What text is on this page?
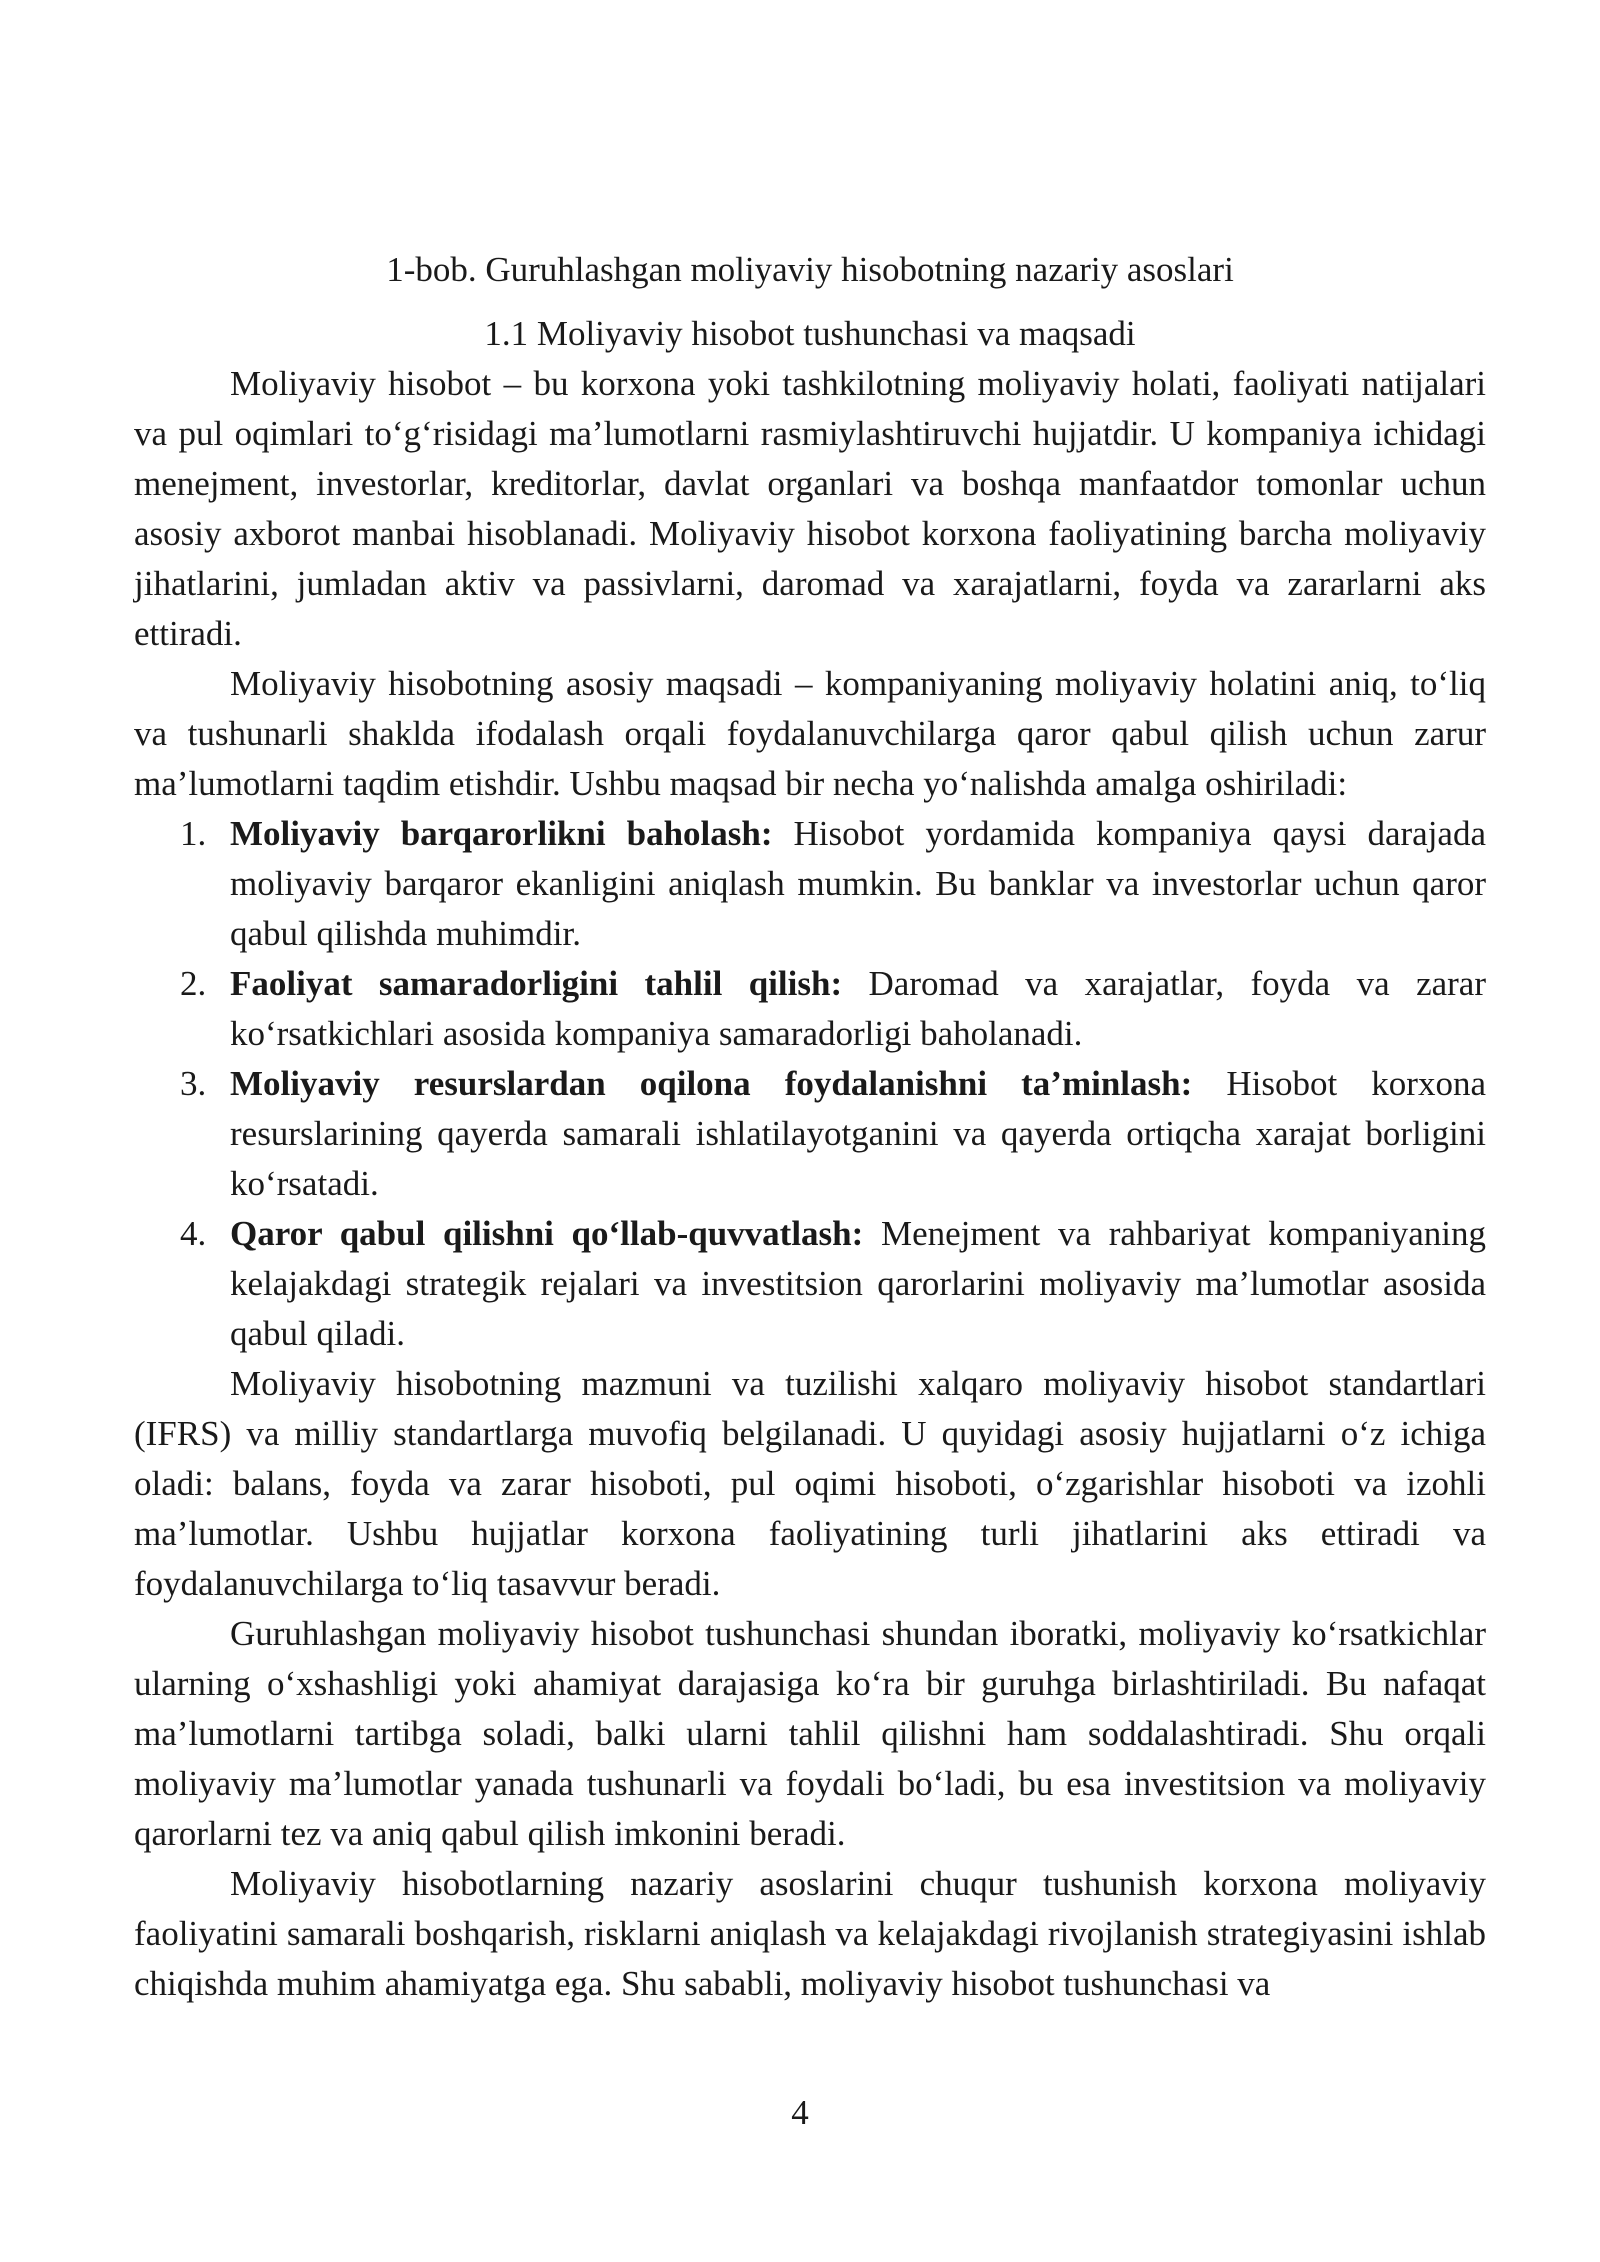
1-bob. Guruhlashgan moliyaviy hisobotning nazariy asoslari
1.1 Moliyaviy hisobot tushunchasi va maqsadi

Moliyaviy hisobot – bu korxona yoki tashkilotning moliyaviy holati, faoliyati natijalari va pul oqimlari to‘g‘risidagi ma’lumotlarni rasmiylashtiruvchi hujjatdir. U kompaniya ichidagi menejment, investorlar, kreditorlar, davlat organlari va boshqa manfaatdor tomonlar uchun asosiy axborot manbai hisoblanadi. Moliyaviy hisobot korxona faoliyatining barcha moliyaviy jihatlarini, jumladan aktiv va passivlarni, daromad va xarajatlarni, foyda va zararlarni aks ettiradi.

Moliyaviy hisobotning asosiy maqsadi – kompaniyaning moliyaviy holatini aniq, to‘liq va tushunarli shaklda ifodalash orqali foydalanuvchilarga qaror qabul qilish uchun zarur ma’lumotlarni taqdim etishdir. Ushbu maqsad bir necha yo‘nalishda amalga oshiriladi:

1. Moliyaviy barqarorlikni baholash: Hisobot yordamida kompaniya qaysi darajada moliyaviy barqaror ekanligini aniqlash mumkin. Bu banklar va investorlar uchun qaror qabul qilishda muhimdir.
2. Faoliyat samaradorligini tahlil qilish: Daromad va xarajatlar, foyda va zarar ko‘rsatkichlari asosida kompaniya samaradorligi baholanadi.
3. Moliyaviy resurslardan oqilona foydalanishni ta’minlash: Hisobot korxona resurslarining qayerda samarali ishlatilayotganini va qayerda ortiqcha xarajat borligini ko‘rsatadi.
4. Qaror qabul qilishni qo‘llab-quvvatlash: Menejment va rahbariyat kompaniyaning kelajakdagi strategik rejalari va investitsion qarorlarini moliyaviy ma’lumotlar asosida qabul qiladi.

Moliyaviy hisobotning mazmuni va tuzilishi xalqaro moliyaviy hisobot standartlari (IFRS) va milliy standartlarga muvofiq belgilanadi. U quyidagi asosiy hujjatlarni o‘z ichiga oladi: balans, foyda va zarar hisoboti, pul oqimi hisoboti, o‘zgarishlar hisoboti va izohli ma’lumotlar. Ushbu hujjatlar korxona faoliyatining turli jihatlarini aks ettiradi va foydalanuvchilarga to‘liq tasavvur beradi.

Guruhlashgan moliyaviy hisobot tushunchasi shundan iboratki, moliyaviy ko‘rsatkichlar ularning o‘xshashligi yoki ahamiyat darajasiga ko‘ra bir guruhga birlashtiriladi. Bu nafaqat ma’lumotlarni tartibga soladi, balki ularni tahlil qilishni ham soddalashtiradi. Shu orqali moliyaviy ma’lumotlar yanada tushunarli va foydali bo‘ladi, bu esa investitsion va moliyaviy qarorlarni tez va aniq qabul qilish imkonini beradi.

Moliyaviy hisobotlarning nazariy asoslarini chuqur tushunish korxona moliyaviy faoliyatini samarali boshqarish, risklarni aniqlash va kelajakdagi rivojlanish strategiyasini ishlab chiqishda muhim ahamiyatga ega. Shu sababli, moliyaviy hisobot tushunchasi va

4
